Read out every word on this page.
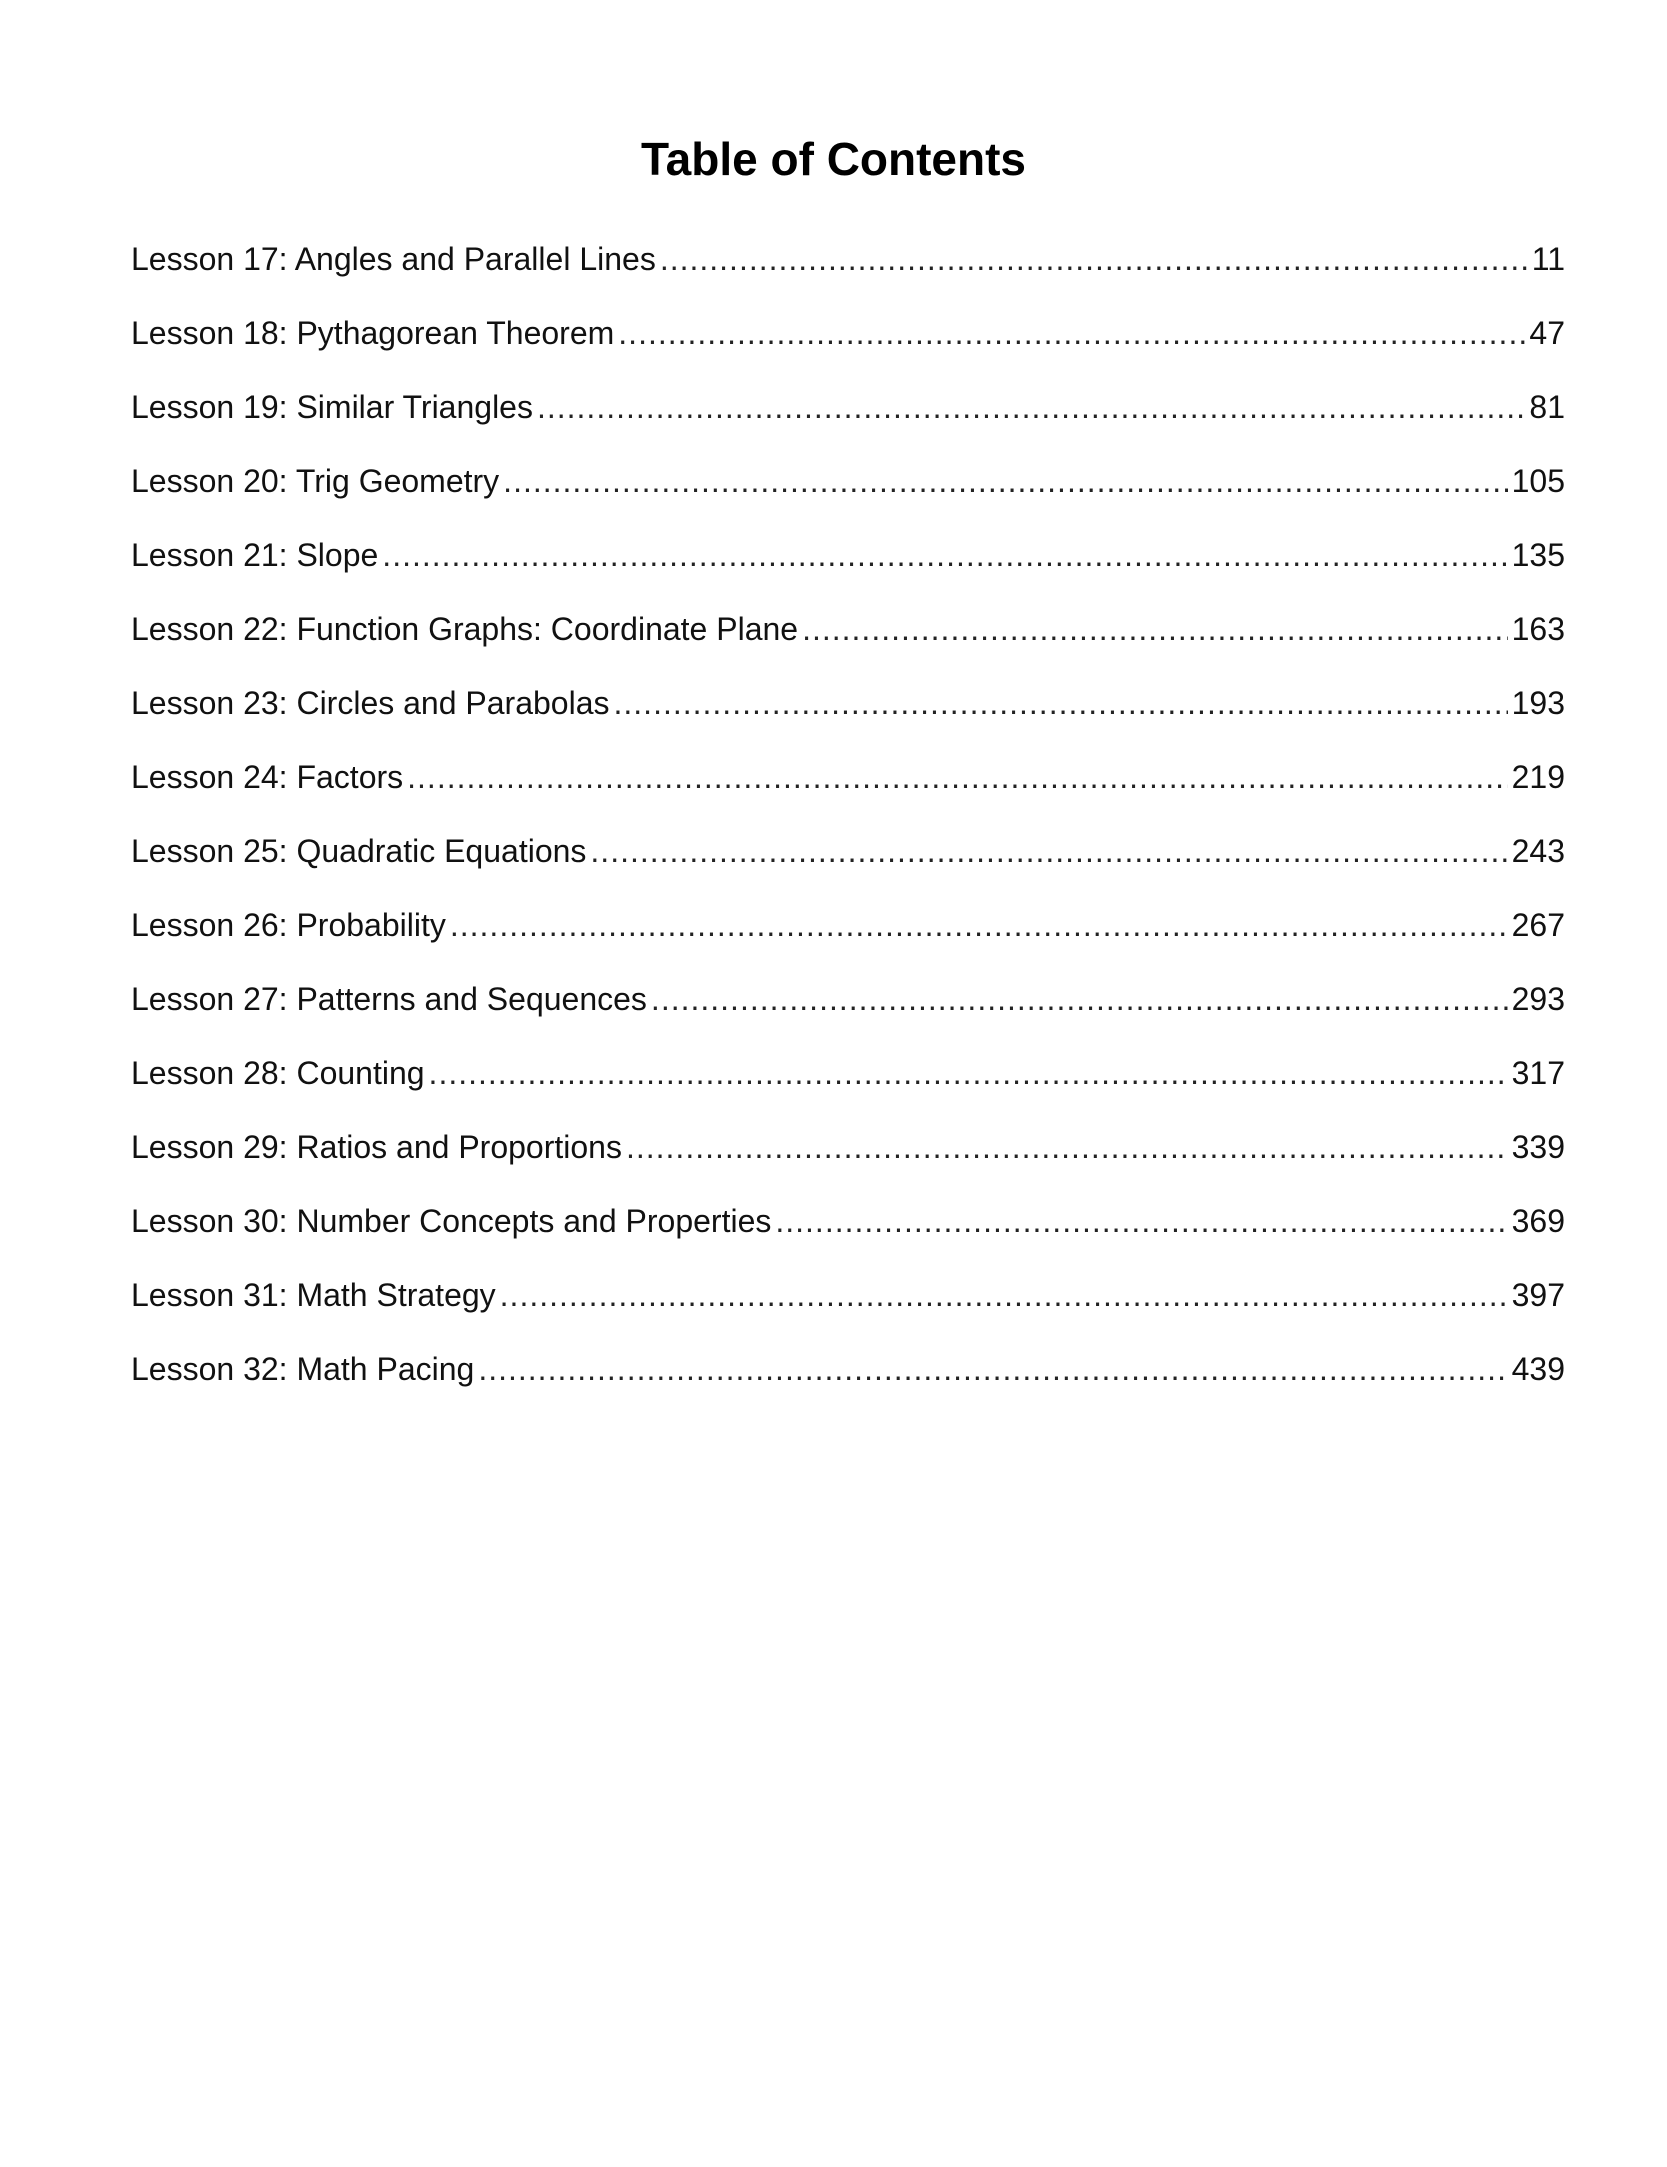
Table of Contents
Lesson 17: Angles and Parallel Lines .....	11
Lesson 18: Pythagorean Theorem .....	47
Lesson 19: Similar Triangles .....	81
Lesson 20: Trig Geometry .....	105
Lesson 21: Slope .....	135
Lesson 22: Function Graphs: Coordinate Plane .....	163
Lesson 23: Circles and Parabolas .....	193
Lesson 24: Factors .....	219
Lesson 25: Quadratic Equations .....	243
Lesson 26: Probability .....	267
Lesson 27: Patterns and Sequences .....	293
Lesson 28: Counting .....	317
Lesson 29: Ratios and Proportions .....	339
Lesson 30: Number Concepts and Properties .....	369
Lesson 31: Math Strategy .....	397
Lesson 32: Math Pacing .....	439
